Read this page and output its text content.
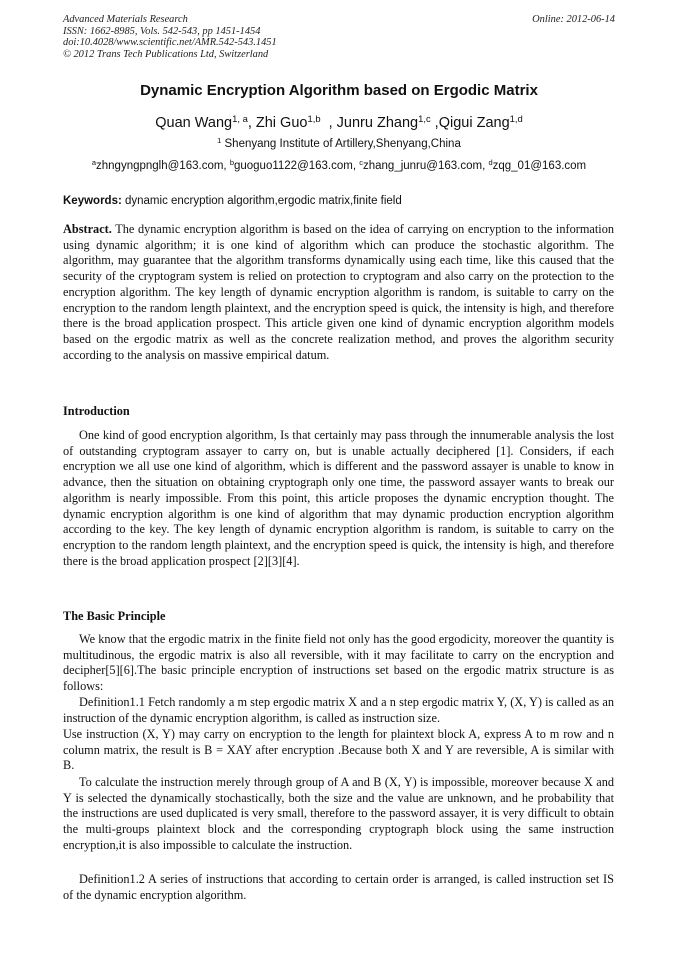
Advanced Materials Research
ISSN: 1662-8985, Vols. 542-543, pp 1451-1454
doi:10.4028/www.scientific.net/AMR.542-543.1451
© 2012 Trans Tech Publications Ltd, Switzerland
Online: 2012-06-14
Dynamic Encryption Algorithm based on Ergodic Matrix
Quan Wang$^{1, a}$, Zhi Guo$^{1,b}$  , Junru Zhang$^{1,c}$ ,Qigui Zang$^{1,d}$
$^1$ Shenyang Institute of Artillery,Shenyang,China
$^a$zhngyngpnglh@163.com, $^b$guoguo1122@163.com, $^c$zhang_junru@163.com, $^d$zqg_01@163.com
Keywords: dynamic encryption algorithm,ergodic matrix,finite field

Abstract. The dynamic encryption algorithm is based on the idea of carrying on encryption to the information using dynamic algorithm; it is one kind of algorithm which can produce the stochastic algorithm. The algorithm, may guarantee that the algorithm transforms dynamically using each time, like this caused that the security of the cryptogram system is relied on protection to cryptogram and also carry on the protection to the encryption algorithm. The key length of dynamic encryption algorithm is random, is suitable to carry on the encryption to the random length plaintext, and the encryption speed is quick, the intensity is high, and therefore there is the broad application prospect. This article given one kind of dynamic encryption algorithm models based on the ergodic matrix as well as the concrete realization method, and proves the algorithm security according to the analysis on massive empirical datum.

Introduction

One kind of good encryption algorithm, Is that certainly may pass through the innumerable analysis the lost of outstanding cryptogram assayer to carry on, but is unable actually deciphered [1]. Considers, if each encryption we all use one kind of algorithm, which is different and the password assayer is unable to know in advance, then the situation on obtaining cryptograph only one time, the password assayer wants to break our algorithm is nearly impossible. From this point, this article proposes the dynamic encryption thought. The dynamic encryption algorithm is one kind of algorithm that may dynamic production encryption algorithm according to the key. The key length of dynamic encryption algorithm is random, is suitable to carry on the encryption to the random length plaintext, and the encryption speed is quick, the intensity is high, and therefore there is the broad application prospect [2][3][4].

The Basic Principle

We know that the ergodic matrix in the finite field not only has the good ergodicity, moreover the quantity is multitudinous, the ergodic matrix is also all reversible, with it may facilitate to carry on the encryption and decipher[5][6].The basic principle encryption of instructions set based on the ergodic matrix structure is as follows:

Definition1.1 Fetch randomly a m step ergodic matrix X and a n step ergodic matrix Y, (X, Y) is called as an instruction of the dynamic encryption algorithm, is called as instruction size.

Use instruction (X, Y) may carry on encryption to the length for plaintext block A, express A to m row and n column matrix, the result is B = XAY after encryption .Because both X and Y are reversible, A is similar with B.

To calculate the instruction merely through group of A and B (X, Y) is impossible, moreover because X and Y is selected the dynamically stochastically, both the size and the value are unknown, and he probability that the instructions are used duplicated is very small, therefore to the password assayer, it is very difficult to obtain the multi-groups plaintext block and the corresponding cryptograph block using the same instruction encryption,it is also impossible to calculate the instruction.

Definition1.2 A series of instructions that according to certain order is arranged, is called instruction set IS of the dynamic encryption algorithm.
